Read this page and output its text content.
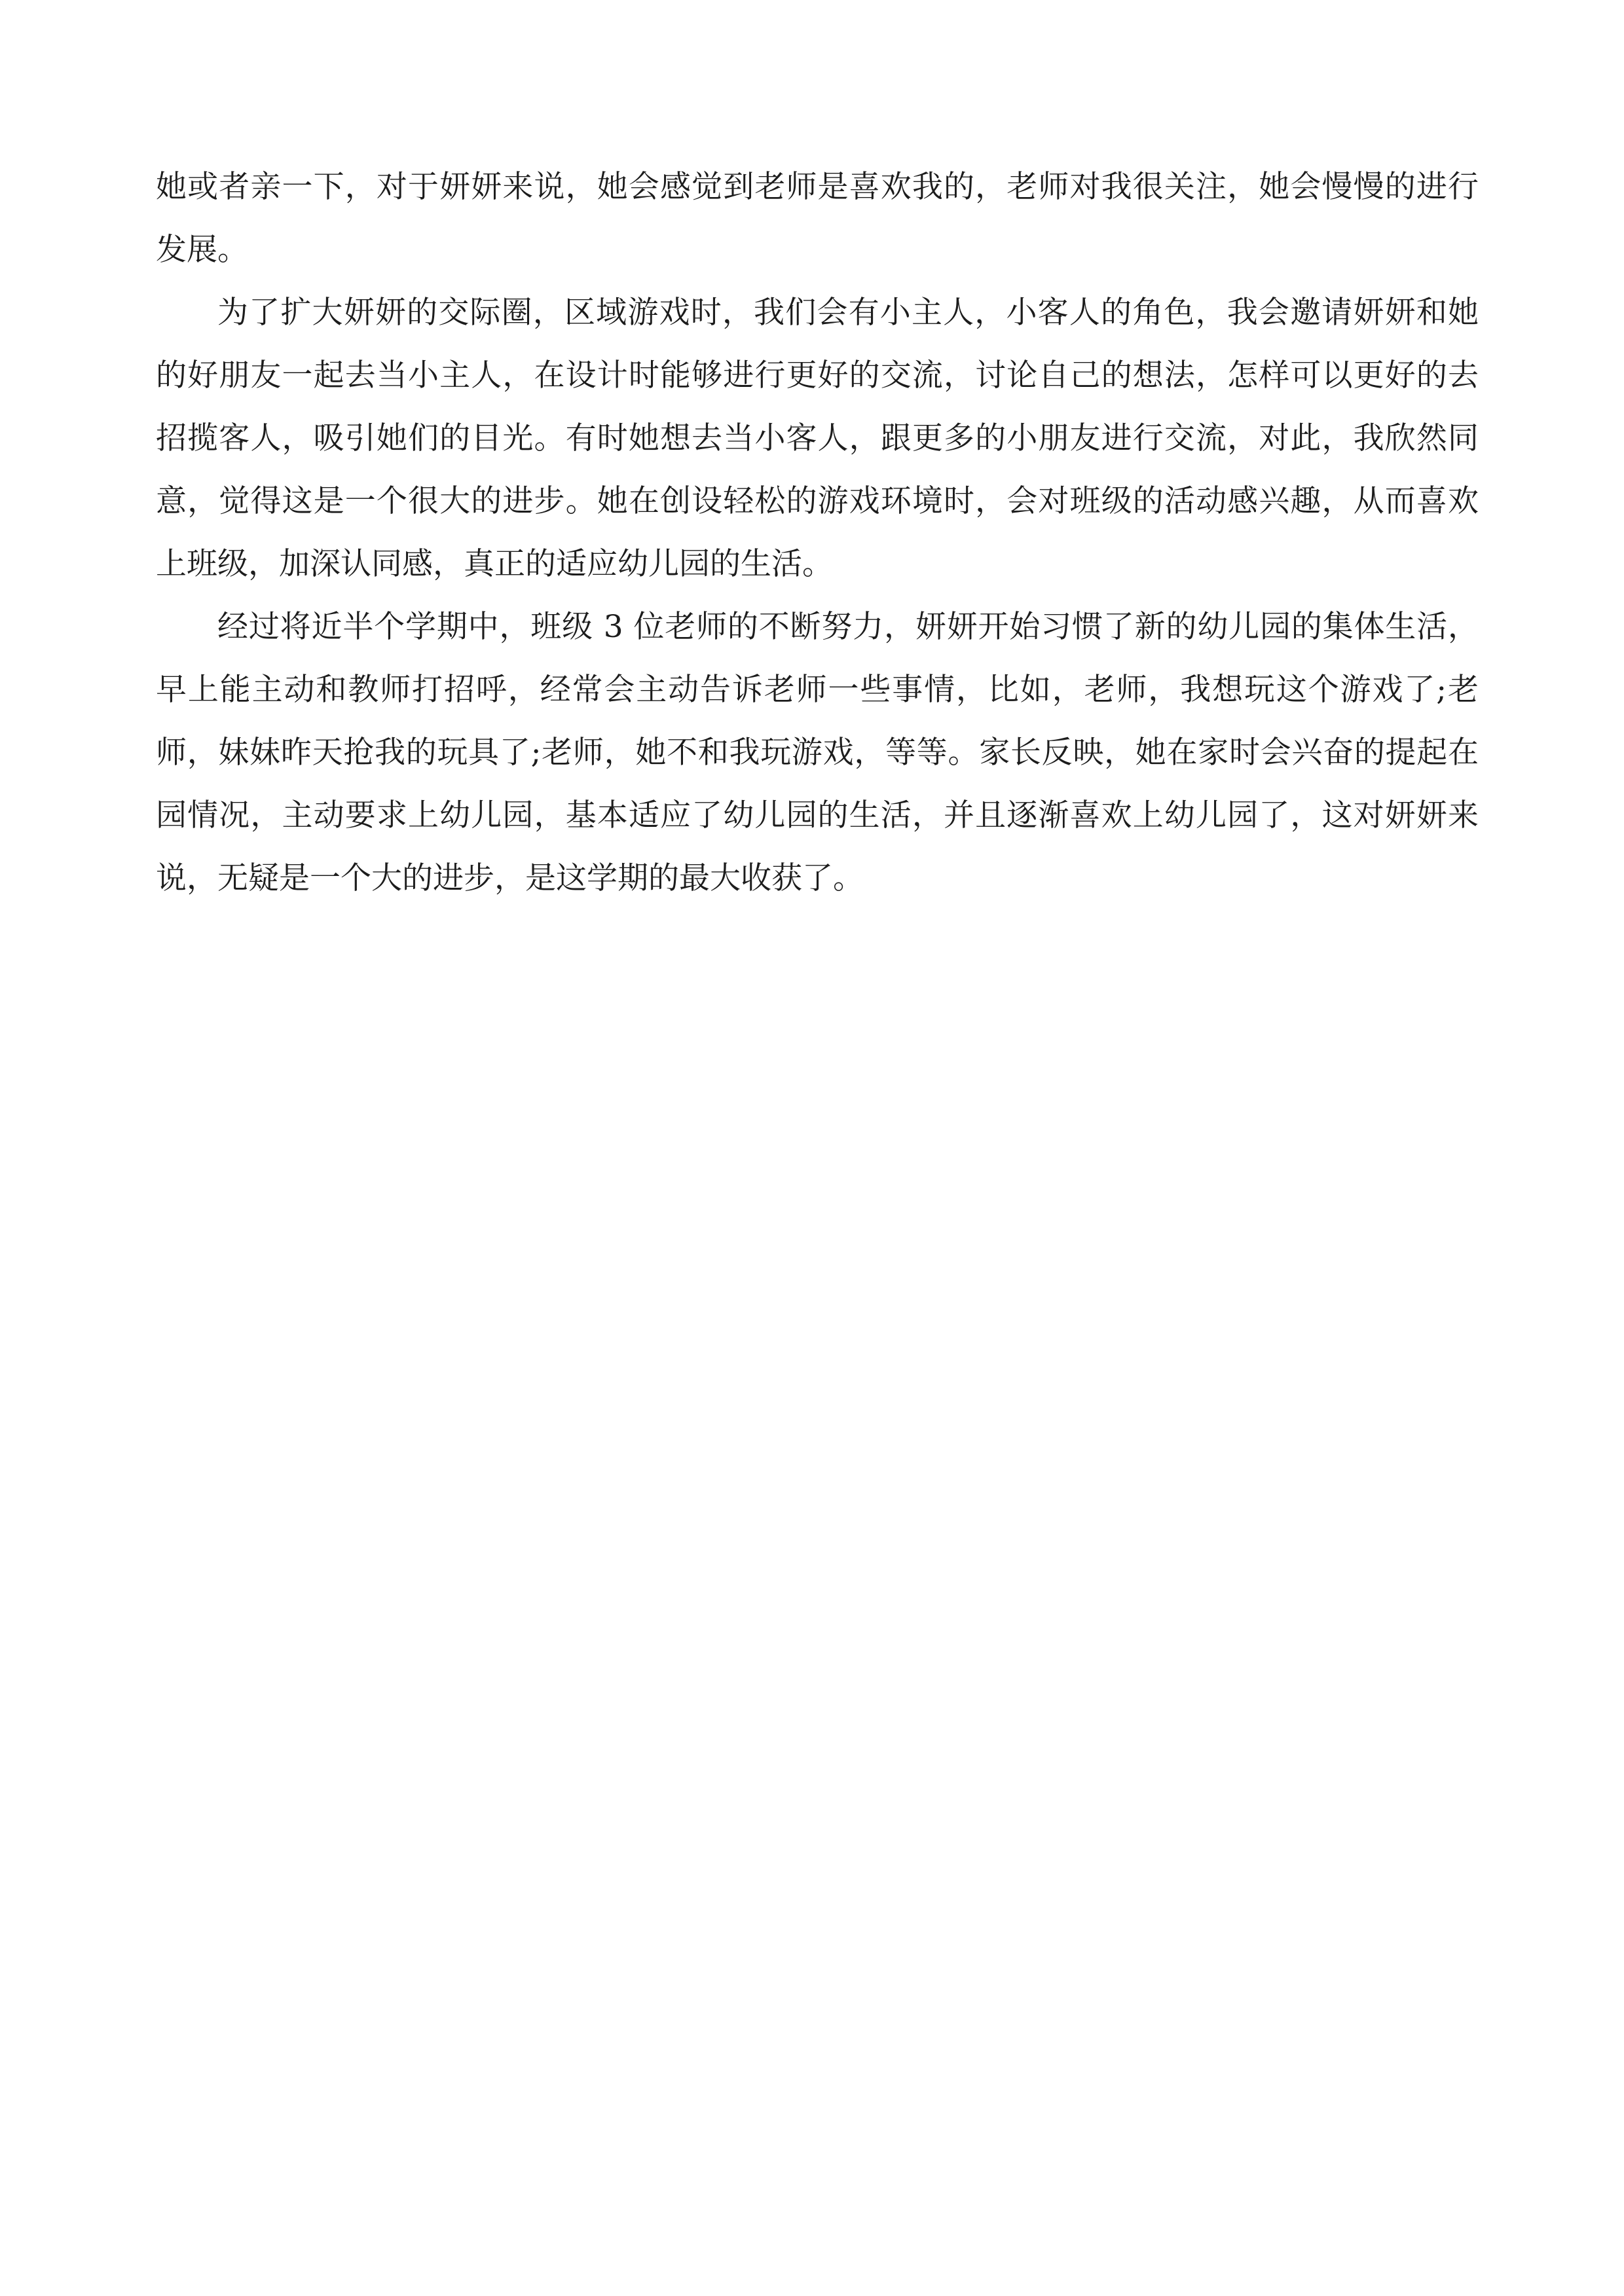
她或者亲一下，对于妍妍来说，她会感觉到老师是喜欢我的，老师对我很关注，她会慢慢的进行发展。

为了扩大妍妍的交际圈，区域游戏时，我们会有小主人，小客人的角色，我会邀请妍妍和她的好朋友一起去当小主人，在设计时能够进行更好的交流，讨论自己的想法，怎样可以更好的去招揽客人，吸引她们的目光。有时她想去当小客人，跟更多的小朋友进行交流，对此，我欣然同意，觉得这是一个很大的进步。她在创设轻松的游戏环境时，会对班级的活动感兴趣，从而喜欢上班级，加深认同感，真正的适应幼儿园的生活。

经过将近半个学期中，班级 3 位老师的不断努力，妍妍开始习惯了新的幼儿园的集体生活，早上能主动和教师打招呼，经常会主动告诉老师一些事情，比如，老师，我想玩这个游戏了;老师，妹妹昨天抢我的玩具了;老师，她不和我玩游戏，等等。家长反映，她在家时会兴奋的提起在园情况，主动要求上幼儿园，基本适应了幼儿园的生活，并且逐渐喜欢上幼儿园了，这对妍妍来说，无疑是一个大的进步，是这学期的最大收获了。
